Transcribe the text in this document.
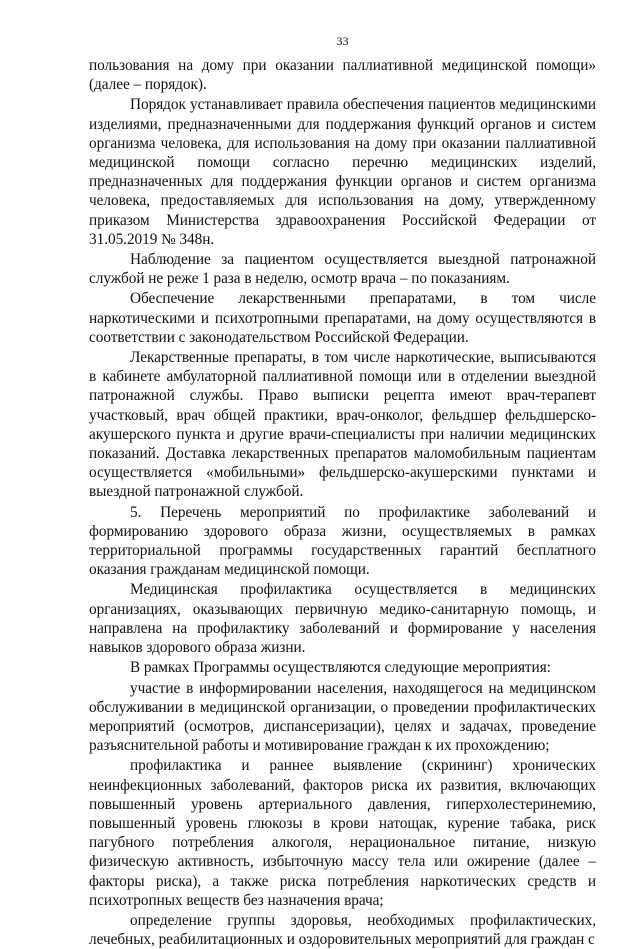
33

пользования на дому при оказании паллиативной медицинской помощи» (далее – порядок).

Порядок устанавливает правила обеспечения пациентов медицинскими изделиями, предназначенными для поддержания функций органов и систем организма человека, для использования на дому при оказании паллиативной медицинской помощи согласно перечню медицинских изделий, предназначенных для поддержания функции органов и систем организма человека, предоставляемых для использования на дому, утвержденному приказом Министерства здравоохранения Российской Федерации от 31.05.2019 № 348н.

Наблюдение за пациентом осуществляется выездной патронажной службой не реже 1 раза в неделю, осмотр врача – по показаниям.

Обеспечение лекарственными препаратами, в том числе наркотическими и психотропными препаратами, на дому осуществляются в соответствии с законодательством Российской Федерации.

Лекарственные препараты, в том числе наркотические, выписываются в кабинете амбулаторной паллиативной помощи или в отделении выездной патронажной службы. Право выписки рецепта имеют врач-терапевт участковый, врач общей практики, врач-онколог, фельдшер фельдшерско-акушерского пункта и другие врачи-специалисты при наличии медицинских показаний. Доставка лекарственных препаратов маломобильным пациентам осуществляется «мобильными» фельдшерско-акушерскими пунктами и выездной патронажной службой.

5. Перечень мероприятий по профилактике заболеваний и формированию здорового образа жизни, осуществляемых в рамках территориальной программы государственных гарантий бесплатного оказания гражданам медицинской помощи.

Медицинская профилактика осуществляется в медицинских организациях, оказывающих первичную медико-санитарную помощь, и направлена на профилактику заболеваний и формирование у населения навыков здорового образа жизни.

В рамках Программы осуществляются следующие мероприятия:

участие в информировании населения, находящегося на медицинском обслуживании в медицинской организации, о проведении профилактических мероприятий (осмотров, диспансеризации), целях и задачах, проведение разъяснительной работы и мотивирование граждан к их прохождению;

профилактика и раннее выявление (скрининг) хронических неинфекционных заболеваний, факторов риска их развития, включающих повышенный уровень артериального давления, гиперхолестеринемию, повышенный уровень глюкозы в крови натощак, курение табака, риск пагубного потребления алкоголя, нерациональное питание, низкую физическую активность, избыточную массу тела или ожирение (далее – факторы риска), а также риска потребления наркотических средств и психотропных веществ без назначения врача;

определение группы здоровья, необходимых профилактических, лечебных, реабилитационных и оздоровительных мероприятий для граждан с
